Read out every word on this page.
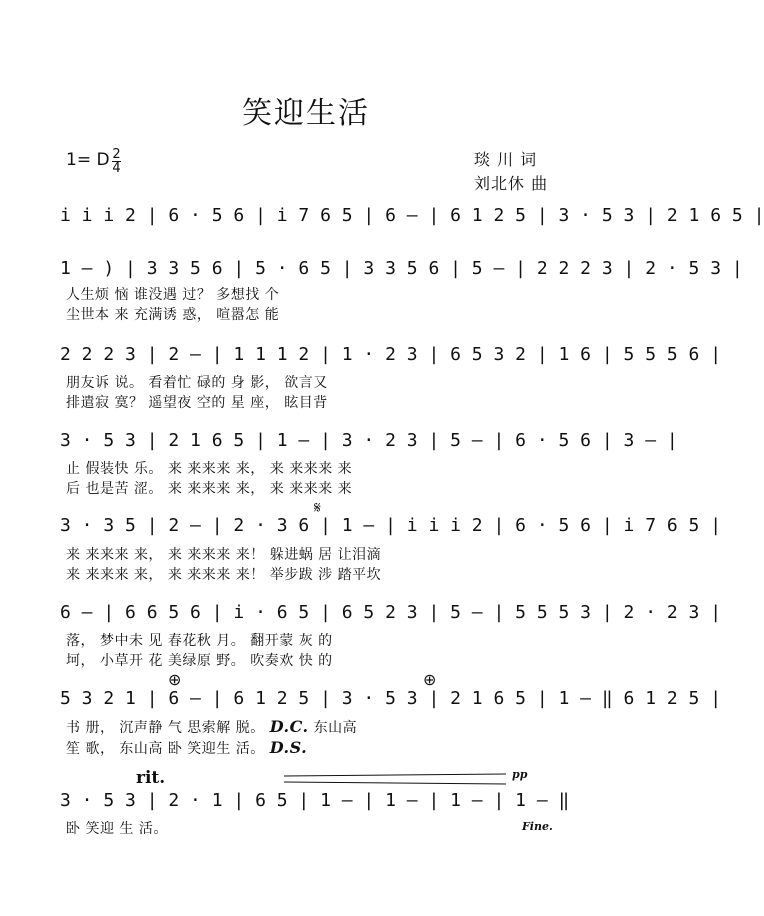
笑迎生活
1= D 2
4	琰 川 词
刘北休 曲
i i i 2 | 6 · 5 6 | i 7 6 5 | 6 — | 6 1 2 5 | 3 · 5 3 | 2 1 6 5 |
1 — ) | 3 3 5 6 | 5 · 6 5 | 3 3 5 6 | 5 — | 2 2 2 3 | 2 · 5 3 |
人生烦 恼 谁没遇 过？ 多想找 个
尘世本 来 充满诱 惑， 喧嚣怎 能
2 2 2 3 | 2 — | 1 1 1 2 | 1 · 2 3 | 6 5 3 2 | 1 6 | 5 5 5 6 |
朋友诉 说。 看着忙 碌的 身 影， 欲言又
排遣寂 寞？ 遥望夜 空的 星 座， 眩目背
3 · 5 3 | 2 1 6 5 | 1 — | 3 · 2 3 | 5 — | 6 · 5 6 | 3 — |
止 假装快 乐。 来 来来来 来， 来 来来来 来
后 也是苦 涩。 来 来来来 来， 来 来来来 来
𝄋
3 · 3 5 | 2 — | 2 · 3 6 | 1 — | i i i 2 | 6 · 5 6 | i 7 6 5 |
来 来来来 来， 来 来来来 来！ 躲进蜗 居 让泪滴
来 来来来 来， 来 来来来 来！ 举步跋 涉 踏平坎
6 — | 6 6 5 6 | i · 6 5 | 6 5 2 3 | 5 — | 5 5 5 3 | 2 · 2 3 |
落， 梦中未 见 春花秋 月。 翻开蒙 灰 的
坷， 小草开 花 美绿原 野。 吹奏欢 快 的
⊕	⊕
5 3 2 1 | 6 — | 6 1 2 5 | 3 · 5 3 | 2 1 6 5 | 1 — ‖ 6 1 2 5 |
书 册， 沉声静 气 思索解 脱。 D.C. 东山高
笙 歌， 东山高 卧 笑迎生 活。 D.S.
rit.	pp
3 · 5 3 | 2 · 1 | 6 5 | 1 — | 1 — | 1 — | 1 — ‖
卧 笑迎 生 活。	Fine.
